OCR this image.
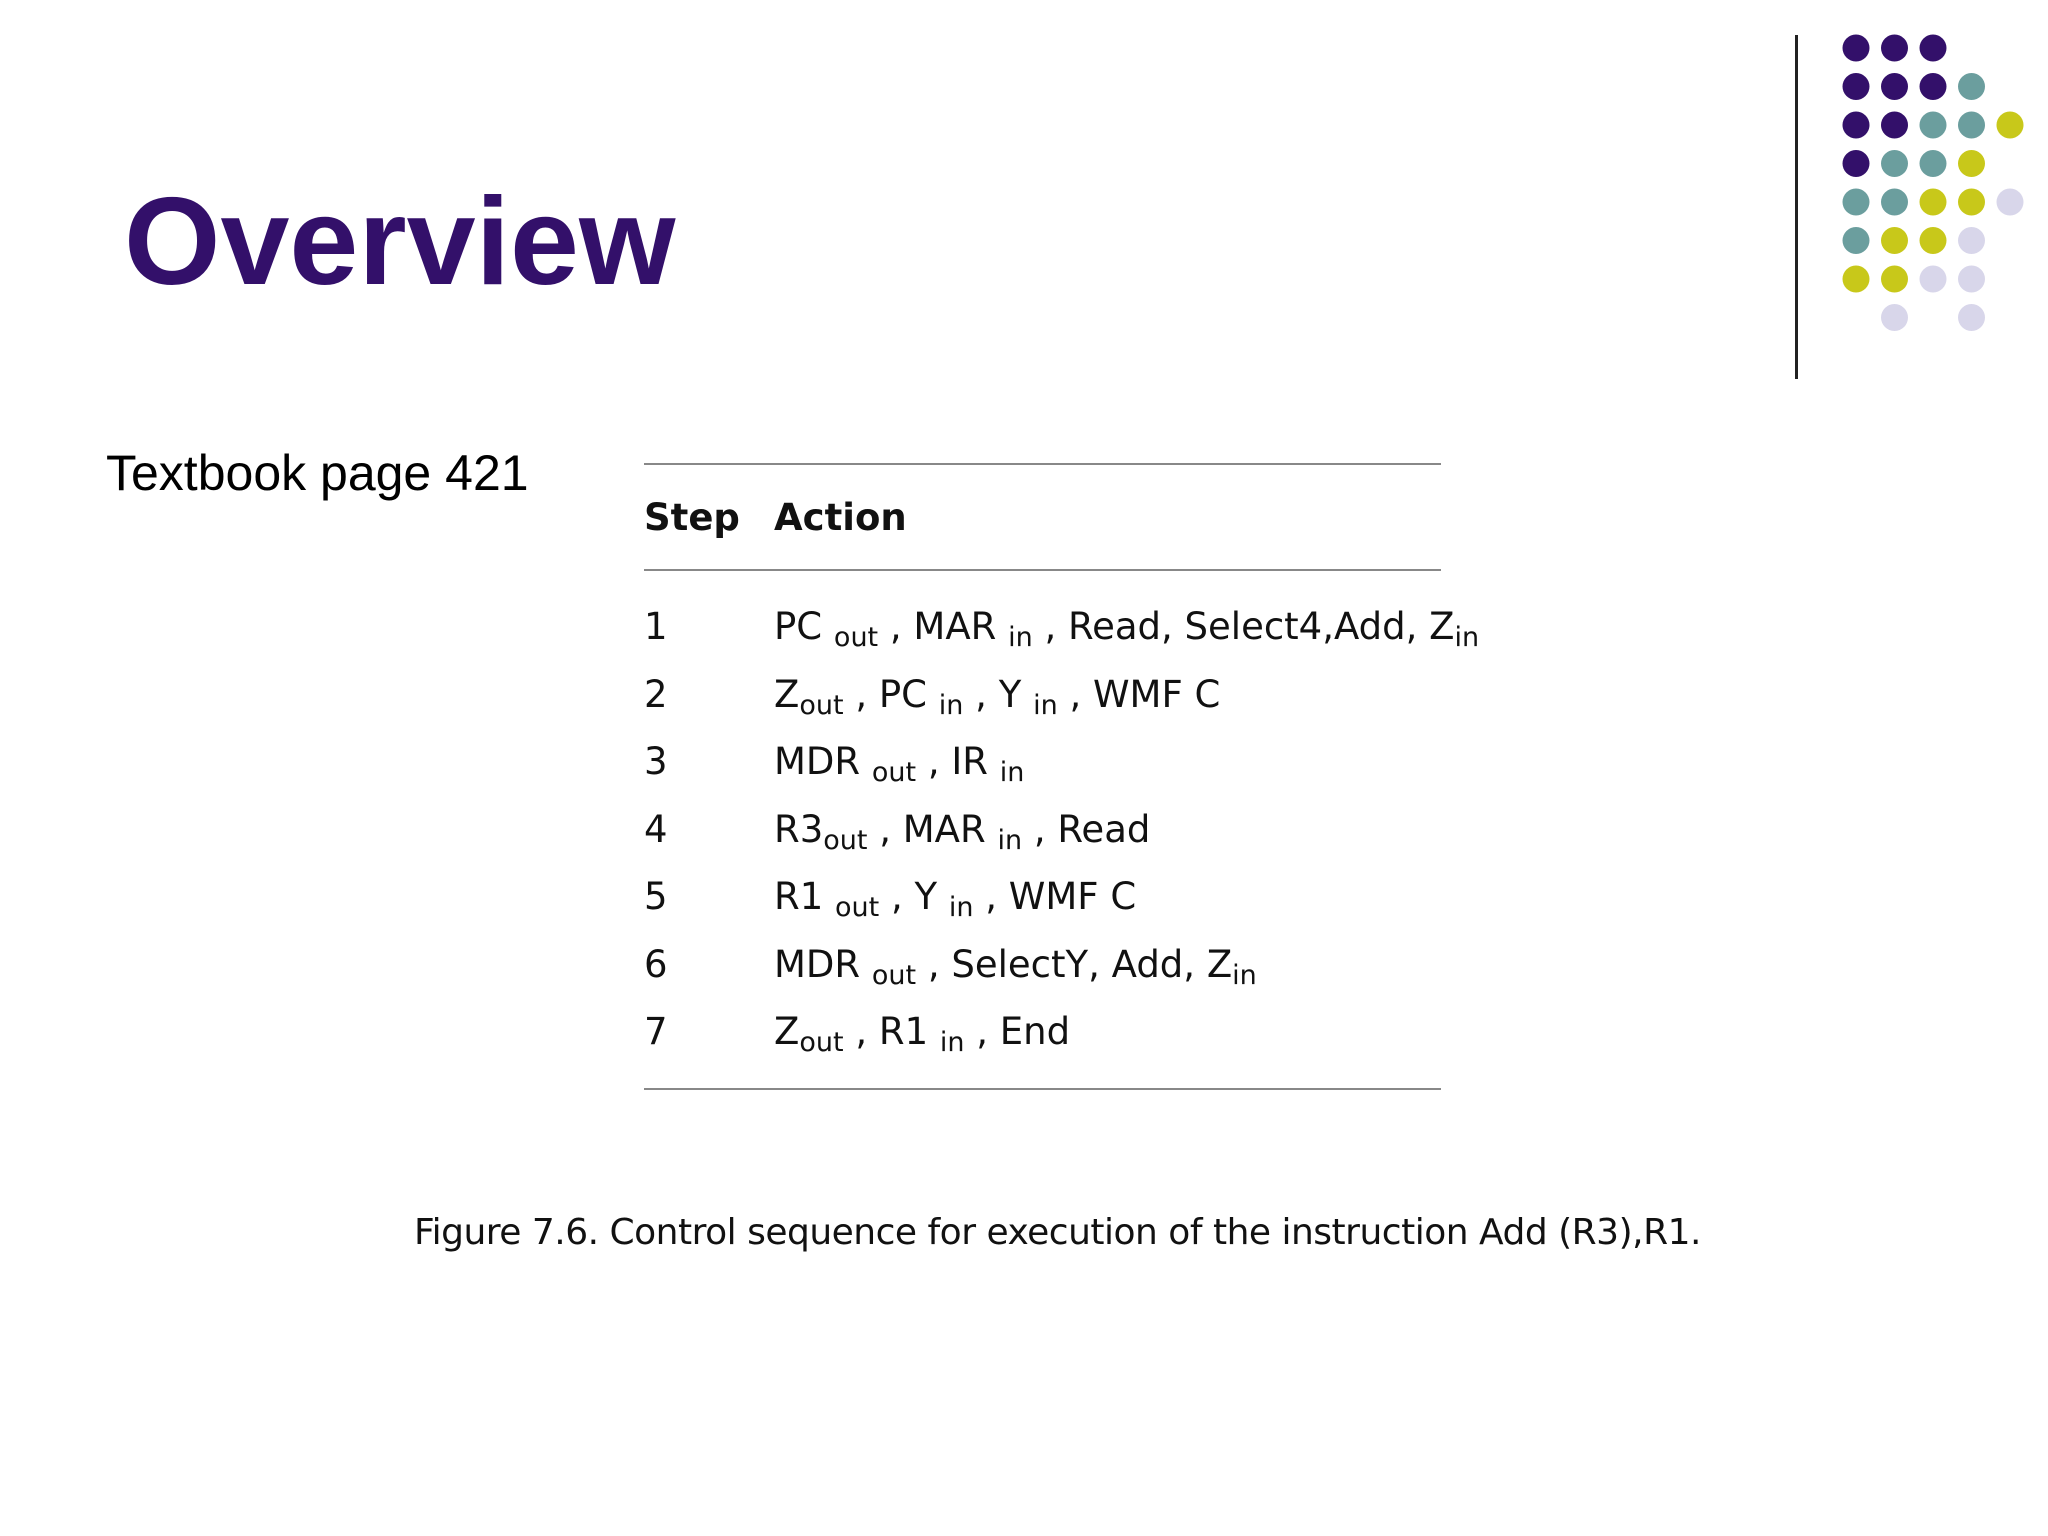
Overview
Textbook page 421
Step Action
1	PC $_{out}$ , MAR $_{in}$ , Read, Select4,Add, $Z_{in}$
2	$Z_{out}$ , PC $_{in}$ , Y $_{in}$ , WMF C
3	MDR $_{out}$ , IR $_{in}$
4	$R3_{out}$ , MAR $_{in}$ , Read
5	R1 $_{out}$ , Y $_{in}$ , WMF C
6	MDR $_{out}$ , SelectY, Add, $Z_{in}$
7	$Z_{out}$ , R1 $_{in}$ , End
Figure 7.6. Control sequence for execution of the instruction Add (R3),R1.
